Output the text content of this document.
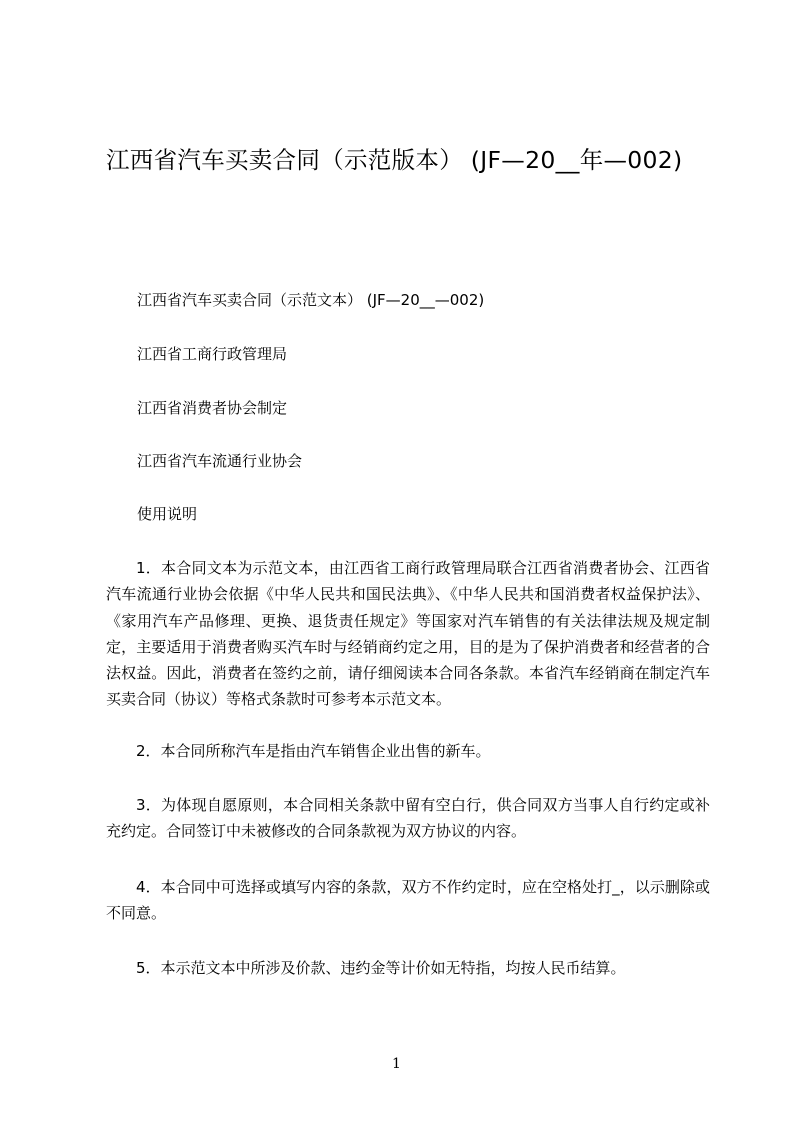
江西省汽车买卖合同（示范版本） (JF—20__年—002)

江西省汽车买卖合同（示范文本） (JF—20__—002)

江西省工商行政管理局

江西省消费者协会制定

江西省汽车流通行业协会

使用说明

1．本合同文本为示范文本，由江西省工商行政管理局联合江西省消费者协会、江西省汽车流通行业协会依据《中华人民共和国民法典》、《中华人民共和国消费者权益保护法》、《家用汽车产品修理、更换、退货责任规定》等国家对汽车销售的有关法律法规及规定制定，主要适用于消费者购买汽车时与经销商约定之用，目的是为了保护消费者和经营者的合法权益。因此，消费者在签约之前，请仔细阅读本合同各条款。本省汽车经销商在制定汽车买卖合同（协议）等格式条款时可参考本示范文本。

2．本合同所称汽车是指由汽车销售企业出售的新车。

3．为体现自愿原则，本合同相关条款中留有空白行，供合同双方当事人自行约定或补充约定。合同签订中未被修改的合同条款视为双方协议的内容。

4．本合同中可选择或填写内容的条款，双方不作约定时，应在空格处打_，以示删除或不同意。

5．本示范文本中所涉及价款、违约金等计价如无特指，均按人民币结算。

1
